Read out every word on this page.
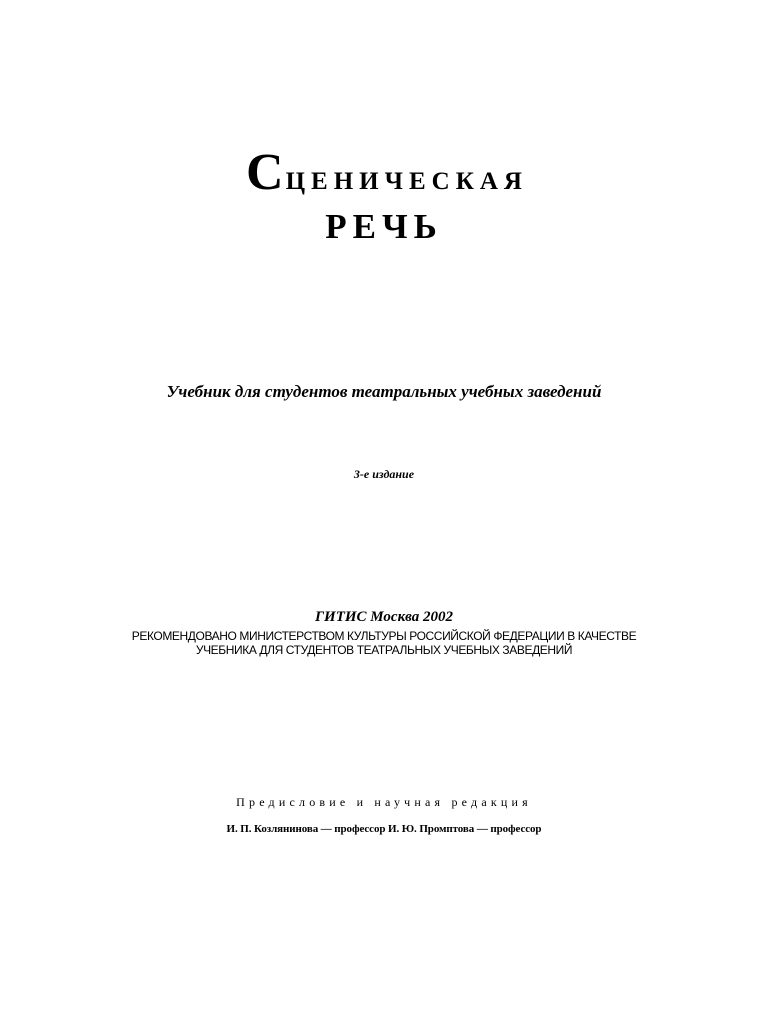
Сценическая
РЕЧЬ
Учебник для студентов театральных учебных заведений
3-е издание
ГИТИС Москва 2002
РЕКОМЕНДОВАНО МИНИСТЕРСТВОМ КУЛЬТУРЫ РОССИЙСКОЙ ФЕДЕРАЦИИ В КАЧЕСТВЕ
УЧЕБНИКА ДЛЯ СТУДЕНТОВ ТЕАТРАЛЬНЫХ УЧЕБНЫХ ЗАВЕДЕНИЙ
Предисловие и научная редакция
И. П. Козлянинова — профессор И. Ю. Промптова — профессор
